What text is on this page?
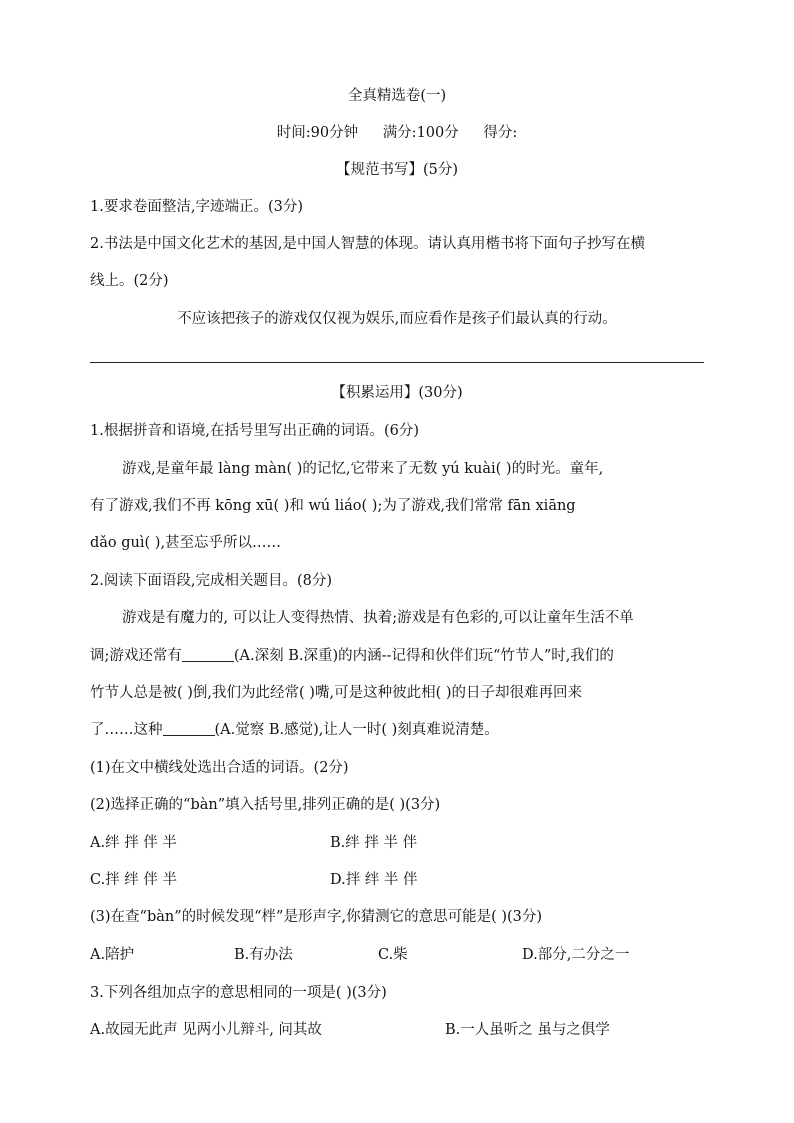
全真精选卷(一)
时间:90分钟 满分:100分 得分:
【规范书写】(5分)
1.要求卷面整洁,字迹端正。(3分)
2.书法是中国文化艺术的基因,是中国人智慧的体现。请认真用楷书将下面句子抄写在横
线上。(2分)
不应该把孩子的游戏仅仅视为娱乐,而应看作是孩子们最认真的行动。
【积累运用】(30分)
1.根据拼音和语境,在括号里写出正确的词语。(6分)
游戏,是童年最 làng màn( )的记忆,它带来了无数 yú kuài( )的时光。童年,
有了游戏,我们不再 kōng xū( )和 wú liáo( );为了游戏,我们常常 fān xiāng
dǎo guì( ),甚至忘乎所以……
2.阅读下面语段,完成相关题目。(8分)
游戏是有魔力的, 可以让人变得热情、执着;游戏是有色彩的,可以让童年生活不单
调;游戏还常有	(A.深刻 B.深重)的内涵--记得和伙伴们玩“竹节人”时,我们的
竹节人总是被( )倒,我们为此经常( )嘴,可是这种彼此相( )的日子却很难再回来
了……这种	(A.觉察 B.感觉),让人一时( )刻真难说清楚。
(1)在文中横线处选出合适的词语。(2分)
(2)选择正确的“bàn”填入括号里,排列正确的是( )(3分)
A.绊 拌 伴 半	B.绊 拌 半 伴
C.拌 绊 伴 半	D.拌 绊 半 伴
(3)在查“bàn”的时候发现“柈”是形声字,你猜测它的意思可能是( )(3分)
A.陪护	B.有办法	C.柴	D.部分,二分之一
3.下列各组加点字的意思相同的一项是( )(3分)
A.故园无此声 见两小儿辩斗, 问其故	B.一人虽听之 虽与之俱学
